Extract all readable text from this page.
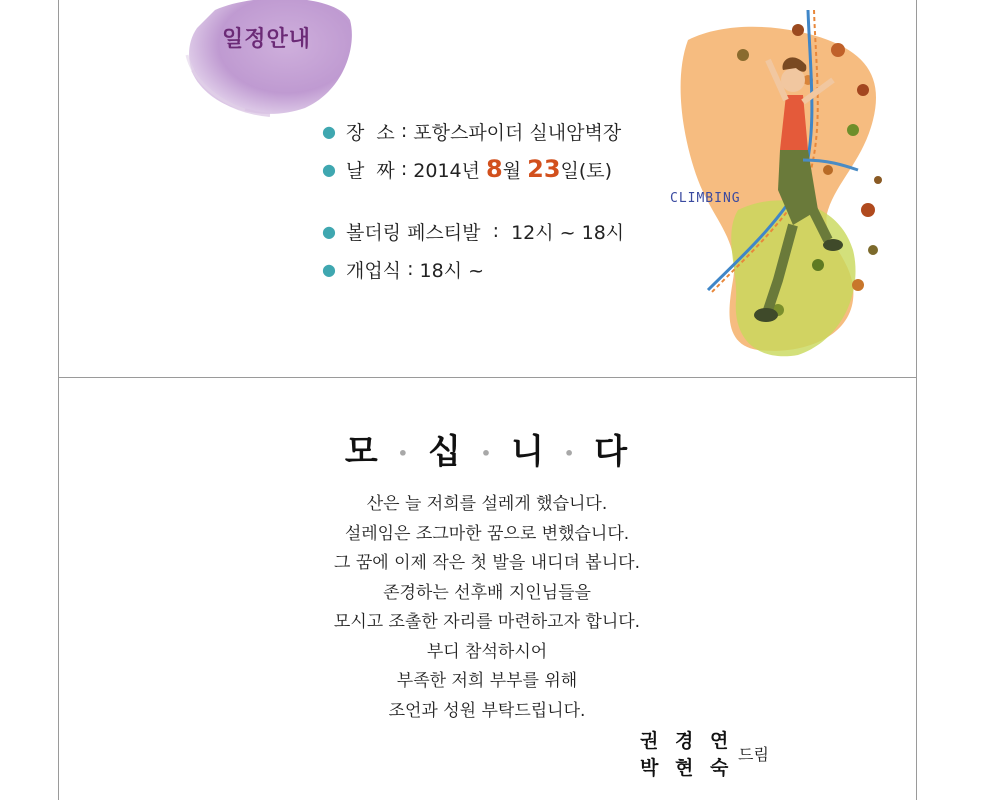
일정안내
● 장  소
:
포항스파이더 실내암벽장
● 날  짜
:
2014년 8 월 23 일(토)
● 볼더링 페스티발
:
12시 ~ 18시
● 개업식
:
18시 ~
CLIMBING
모 • 십 • 니 • 다
산은 늘 저희를 설레게 했습니다.
설레임은 조그마한 꿈으로 변했습니다.
그 꿈에 이제 작은 첫 발을 내디뎌 봅니다.
존경하는 선후배 지인님들을
모시고 조촐한 자리를 마련하고자 합니다.
부디 참석하시어
부족한 저희 부부를 위해
조언과 성원 부탁드립니다.
권 경 연
박 현 숙
드림
